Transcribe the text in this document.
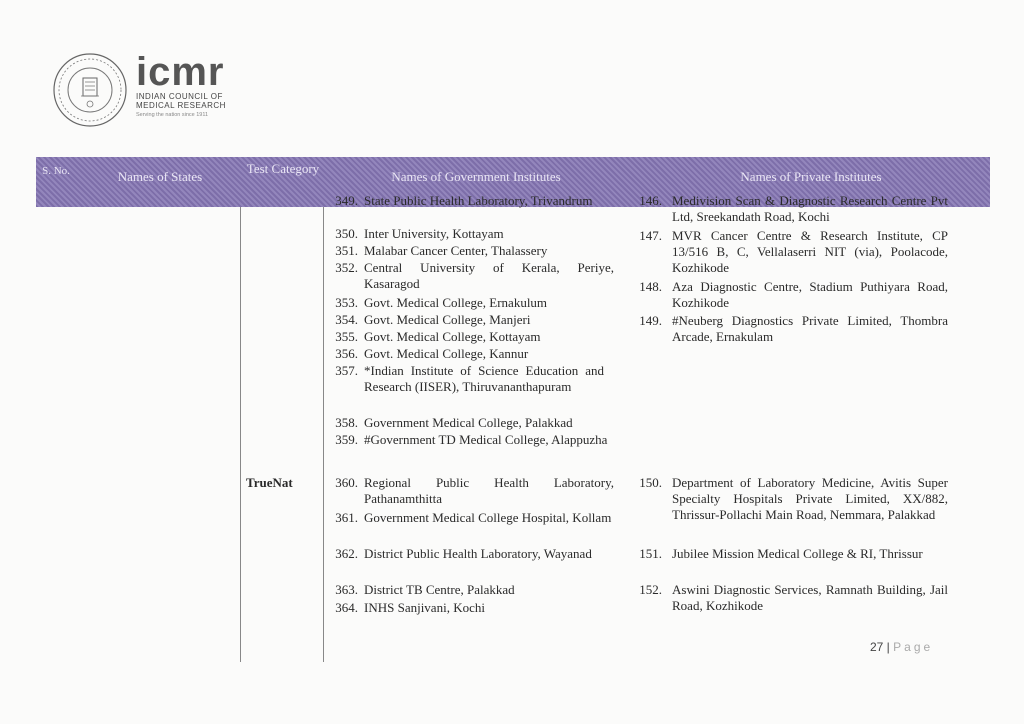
icmr
INDIAN COUNCIL OF
MEDICAL RESEARCH
Serving the nation since 1911
S. No.	Names of States
Test Category
Names of Government Institutes	Names of Private Institutes
TrueNat
349. State Public Health Laboratory, Trivandrum
350. Inter University, Kottayam
351. Malabar Cancer Center, Thalassery
352. Central University of Kerala, Periye, Kasaragod
353. Govt. Medical College, Ernakulum
354. Govt. Medical College, Manjeri
355. Govt. Medical College, Kottayam
356. Govt. Medical College, Kannur
357. *Indian Institute of Science Education and Research (IISER), Thiruvananthapuram
358. Government Medical College, Palakkad
359. #Government TD Medical College, Alappuzha
360. Regional Public Health Laboratory, Pathanamthitta
361. Government Medical College Hospital, Kollam
362. District Public Health Laboratory, Wayanad
363. District TB Centre, Palakkad
364. INHS Sanjivani, Kochi
146. Medivision Scan & Diagnostic Research Centre Pvt Ltd, Sreekandath Road, Kochi
147. MVR Cancer Centre & Research Institute, CP 13/516 B, C, Vellalaserri NIT (via), Poolacode, Kozhikode
148. Aza Diagnostic Centre, Stadium Puthiyara Road, Kozhikode
149. #Neuberg Diagnostics Private Limited, Thombra Arcade, Ernakulam
150. Department of Laboratory Medicine, Avitis Super Specialty Hospitals Private Limited, XX/882, Thrissur-Pollachi Main Road, Nemmara, Palakkad
151. Jubilee Mission Medical College & RI, Thrissur
152. Aswini Diagnostic Services, Ramnath Building, Jail Road, Kozhikode
27 | Page
